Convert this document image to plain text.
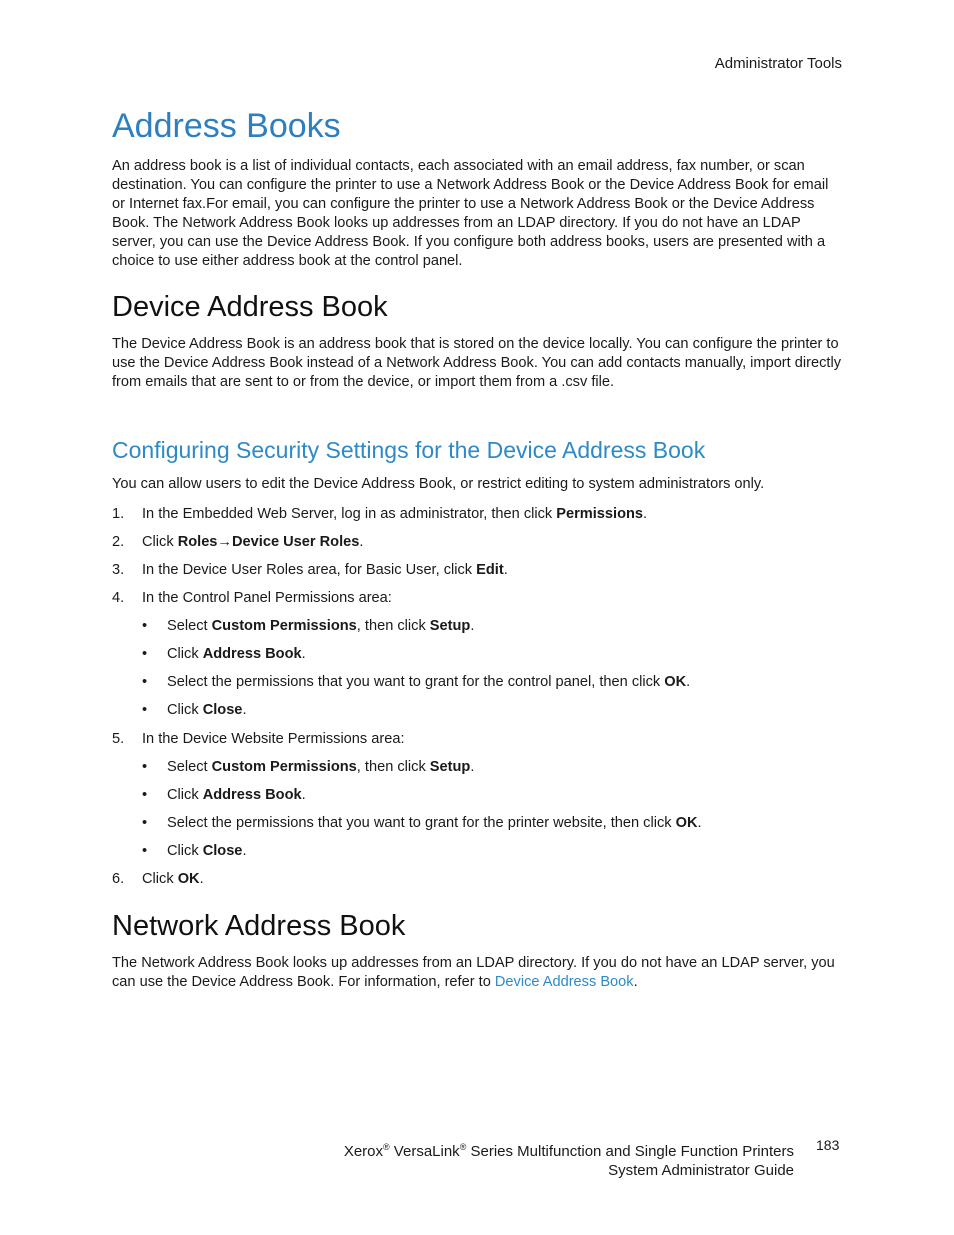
Administrator Tools
Address Books

An address book is a list of individual contacts, each associated with an email address, fax number, or scan destination. You can configure the printer to use a Network Address Book or the Device Address Book for email or Internet fax.For email, you can configure the printer to use a Network Address Book or the Device Address Book. The Network Address Book looks up addresses from an LDAP directory. If you do not have an LDAP server, you can use the Device Address Book. If you configure both address books, users are presented with a choice to use either address book at the control panel.

Device Address Book

The Device Address Book is an address book that is stored on the device locally. You can configure the printer to use the Device Address Book instead of a Network Address Book. You can add contacts manually, import directly from emails that are sent to or from the device, or import them from a .csv file.

Configuring Security Settings for the Device Address Book

You can allow users to edit the Device Address Book, or restrict editing to system administrators only.

1. In the Embedded Web Server, log in as administrator, then click Permissions.
2. Click Roles→Device User Roles.
3. In the Device User Roles area, for Basic User, click Edit.
4. In the Control Panel Permissions area:
• Select Custom Permissions, then click Setup.
• Click Address Book.
• Select the permissions that you want to grant for the control panel, then click OK.
• Click Close.
5. In the Device Website Permissions area:
• Select Custom Permissions, then click Setup.
• Click Address Book.
• Select the permissions that you want to grant for the printer website, then click OK.
• Click Close.
6. Click OK.
Network Address Book

The Network Address Book looks up addresses from an LDAP directory. If you do not have an LDAP server, you can use the Device Address Book. For information, refer to Device Address Book.

Xerox® VersaLink® Series Multifunction and Single Function Printers
System Administrator Guide
183
